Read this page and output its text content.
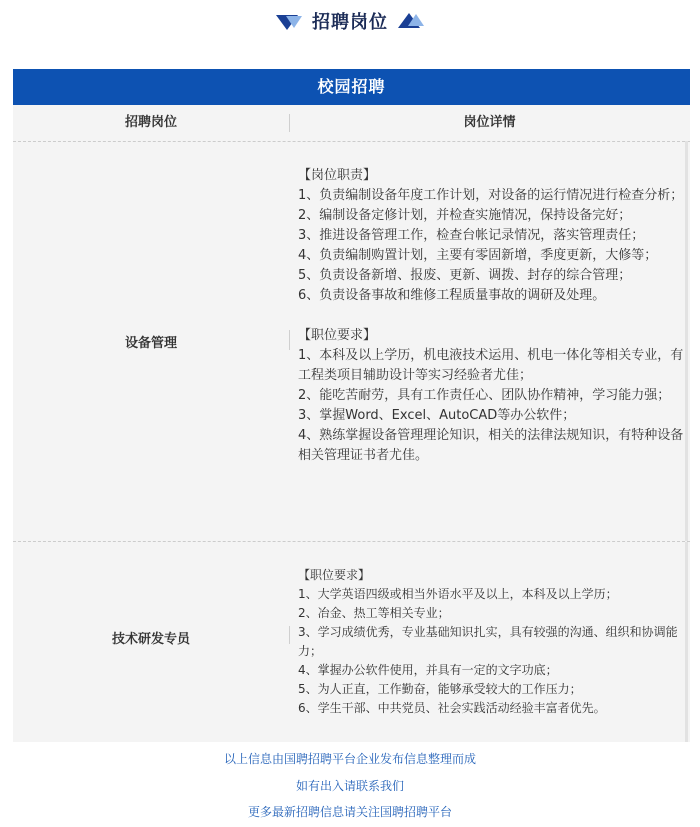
招聘岗位
校园招聘
招聘岗位	岗位详情
设备管理

【岗位职责】

1、负责编制设备年度工作计划，对设备的运行情况进行检查分析；

2、编制设备定修计划，并检查实施情况，保持设备完好；

3、推进设备管理工作，检查台帐记录情况，落实管理责任；

4、负责编制购置计划，主要有零固新增，季度更新，大修等；

5、负责设备新增、报废、更新、调拨、封存的综合管理；

6、负责设备事故和维修工程质量事故的调研及处理。

【职位要求】

1、本科及以上学历，机电液技术运用、机电一体化等相关专业，有工程类项目辅助设计等实习经验者尤佳；

2、能吃苦耐劳，具有工作责任心、团队协作精神，学习能力强；

3、掌握Word、Excel、AutoCAD等办公软件；

4、熟练掌握设备管理理论知识，相关的法律法规知识，有特种设备相关管理证书者尤佳。

技术研发专员

【职位要求】

1、大学英语四级或相当外语水平及以上，本科及以上学历；

2、冶金、热工等相关专业；

3、学习成绩优秀，专业基础知识扎实，具有较强的沟通、组织和协调能力；

4、掌握办公软件使用，并具有一定的文字功底；

5、为人正直，工作勤奋，能够承受较大的工作压力；

6、学生干部、中共党员、社会实践活动经验丰富者优先。

以上信息由国聘招聘平台企业发布信息整理而成
如有出入请联系我们
更多最新招聘信息请关注国聘招聘平台
